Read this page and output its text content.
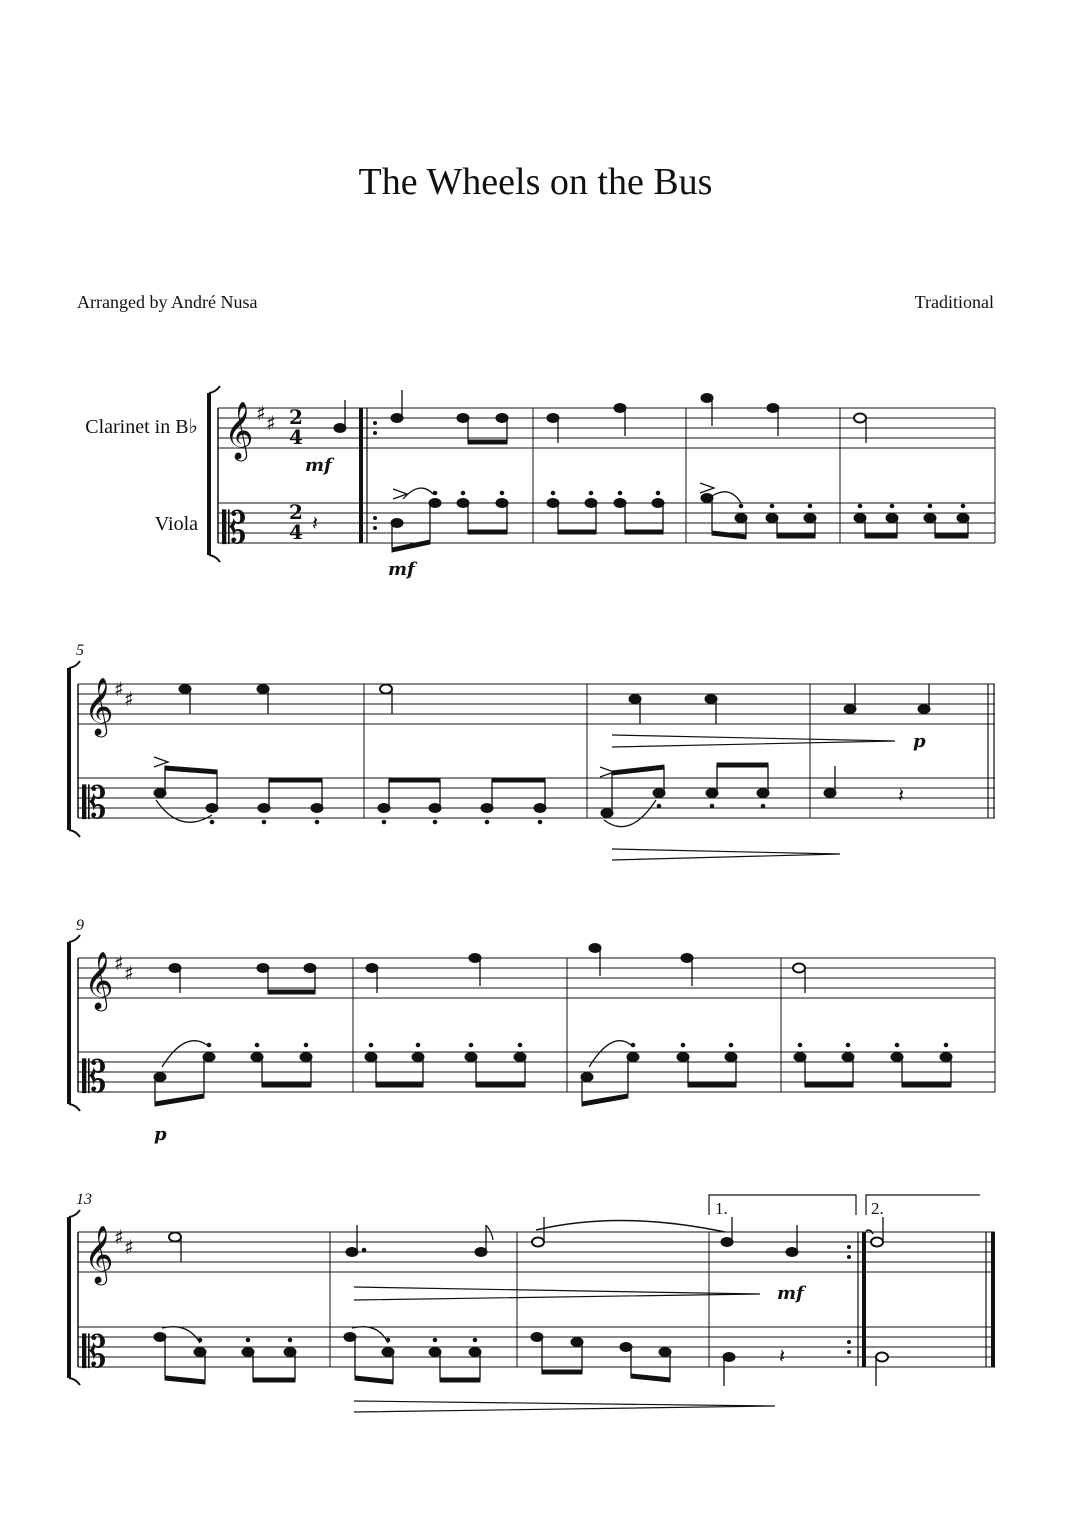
The Wheels on the Bus
Arranged by André Nusa	Traditional
Clarinet in B♭
Viola
5
9
13
𝄞 ♯ ♯ 2
4
𝄡 2
4
mf
𝄽
mf
𝄞 ♯ ♯
𝄡
p
𝄽
𝄞 ♯ ♯
𝄡
p
1.	2.
𝄞 ♯ ♯
𝄡
mf
𝄽
